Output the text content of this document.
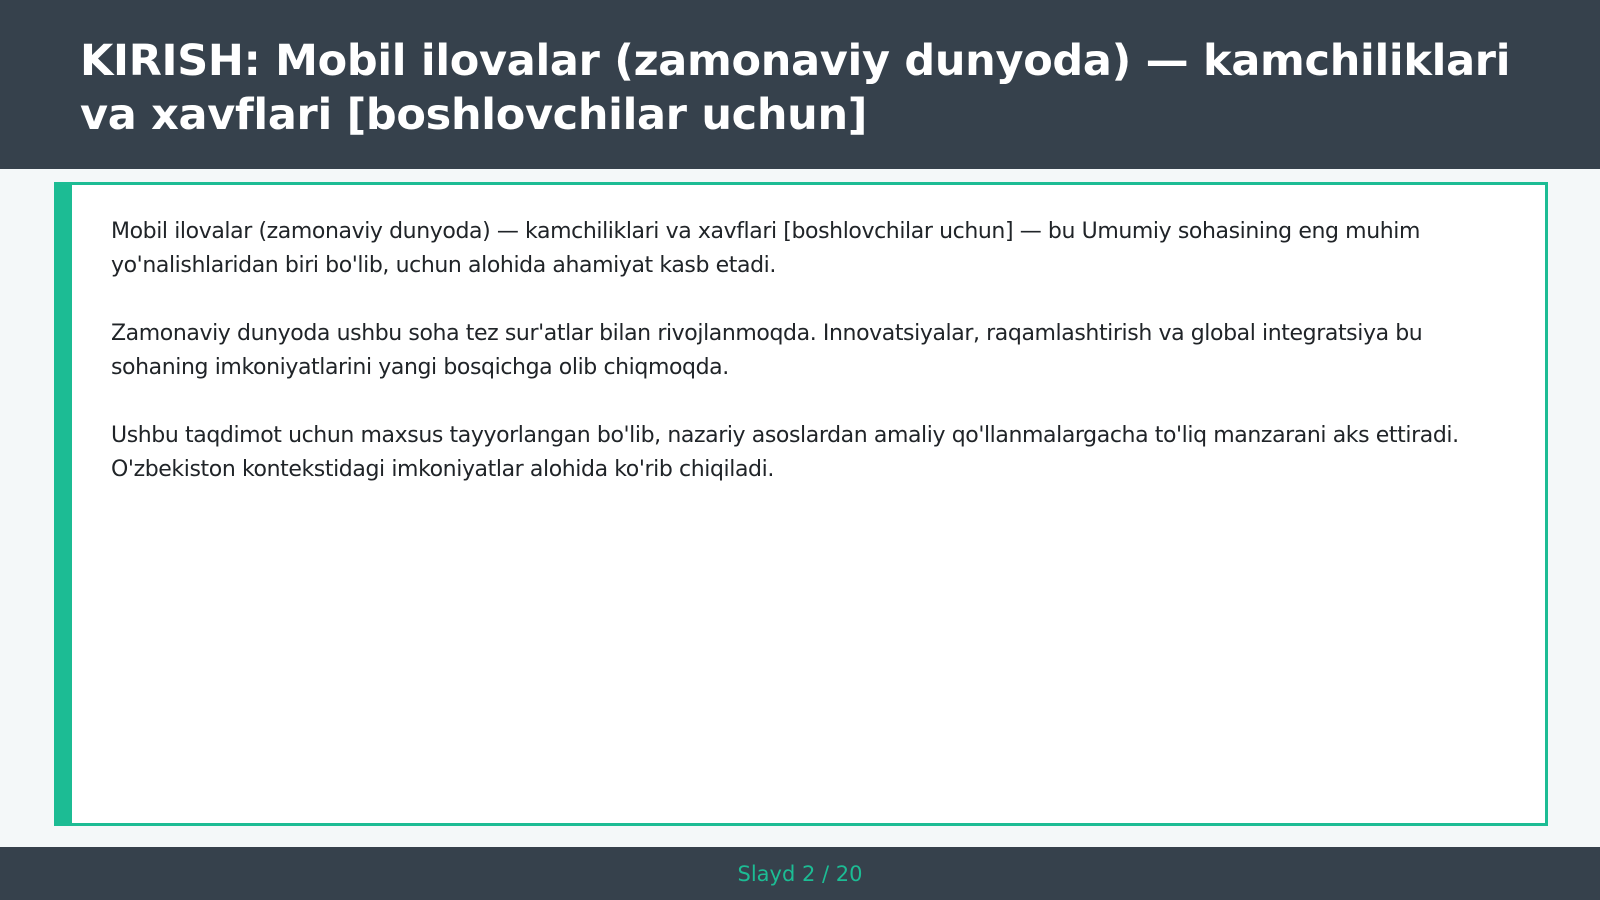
KIRISH: Mobil ilovalar (zamonaviy dunyoda) — kamchiliklari va xavflari [boshlovchilar uchun]

Mobil ilovalar (zamonaviy dunyoda) — kamchiliklari va xavflari [boshlovchilar uchun] — bu Umumiy sohasining eng muhim yo'nalishlaridan biri bo'lib, uchun alohida ahamiyat kasb etadi.

Zamonaviy dunyoda ushbu soha tez sur'atlar bilan rivojlanmoqda. Innovatsiyalar, raqamlashtirish va global integratsiya bu sohaning imkoniyatlarini yangi bosqichga olib chiqmoqda.

Ushbu taqdimot uchun maxsus tayyorlangan bo'lib, nazariy asoslardan amaliy qo'llanmalargacha to'liq manzarani aks ettiradi. O'zbekiston kontekstidagi imkoniyatlar alohida ko'rib chiqiladi.

Slayd 2 / 20
